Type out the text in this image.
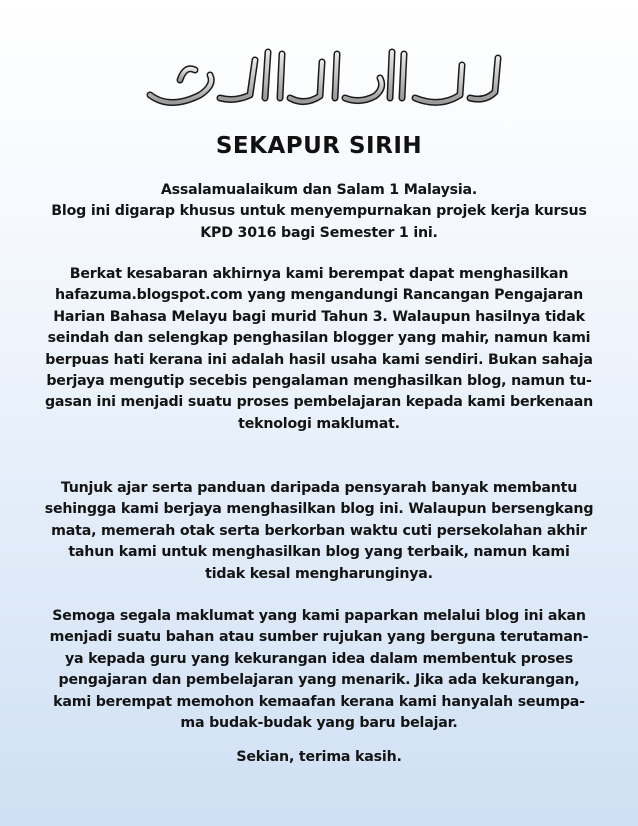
SEKAPUR SIRIH
Assalamualaikum dan Salam 1 Malaysia.
Blog ini digarap khusus untuk menyempurnakan projek kerja kursus
KPD 3016 bagi Semester 1 ini.
Berkat kesabaran akhirnya kami berempat dapat menghasilkan
hafazuma.blogspot.com yang mengandungi Rancangan Pengajaran
Harian Bahasa Melayu bagi murid Tahun 3. Walaupun hasilnya tidak
seindah dan selengkap penghasilan blogger yang mahir, namun kami
berpuas hati kerana ini adalah hasil usaha kami sendiri. Bukan sahaja
berjaya mengutip secebis pengalaman menghasilkan blog, namun tu-
gasan ini menjadi suatu proses pembelajaran kepada kami berkenaan
teknologi maklumat.
Tunjuk ajar serta panduan daripada pensyarah banyak membantu
sehingga kami berjaya menghasilkan blog ini. Walaupun bersengkang
mata, memerah otak serta berkorban waktu cuti persekolahan akhir
tahun kami untuk menghasilkan blog yang terbaik, namun kami
tidak kesal mengharunginya.
Semoga segala maklumat yang kami paparkan melalui blog ini akan
menjadi suatu bahan atau sumber rujukan yang berguna terutaman-
ya kepada guru yang kekurangan idea dalam membentuk proses
pengajaran dan pembelajaran yang menarik. Jika ada kekurangan,
kami berempat memohon kemaafan kerana kami hanyalah seumpa-
ma budak-budak yang baru belajar.
Sekian, terima kasih.
